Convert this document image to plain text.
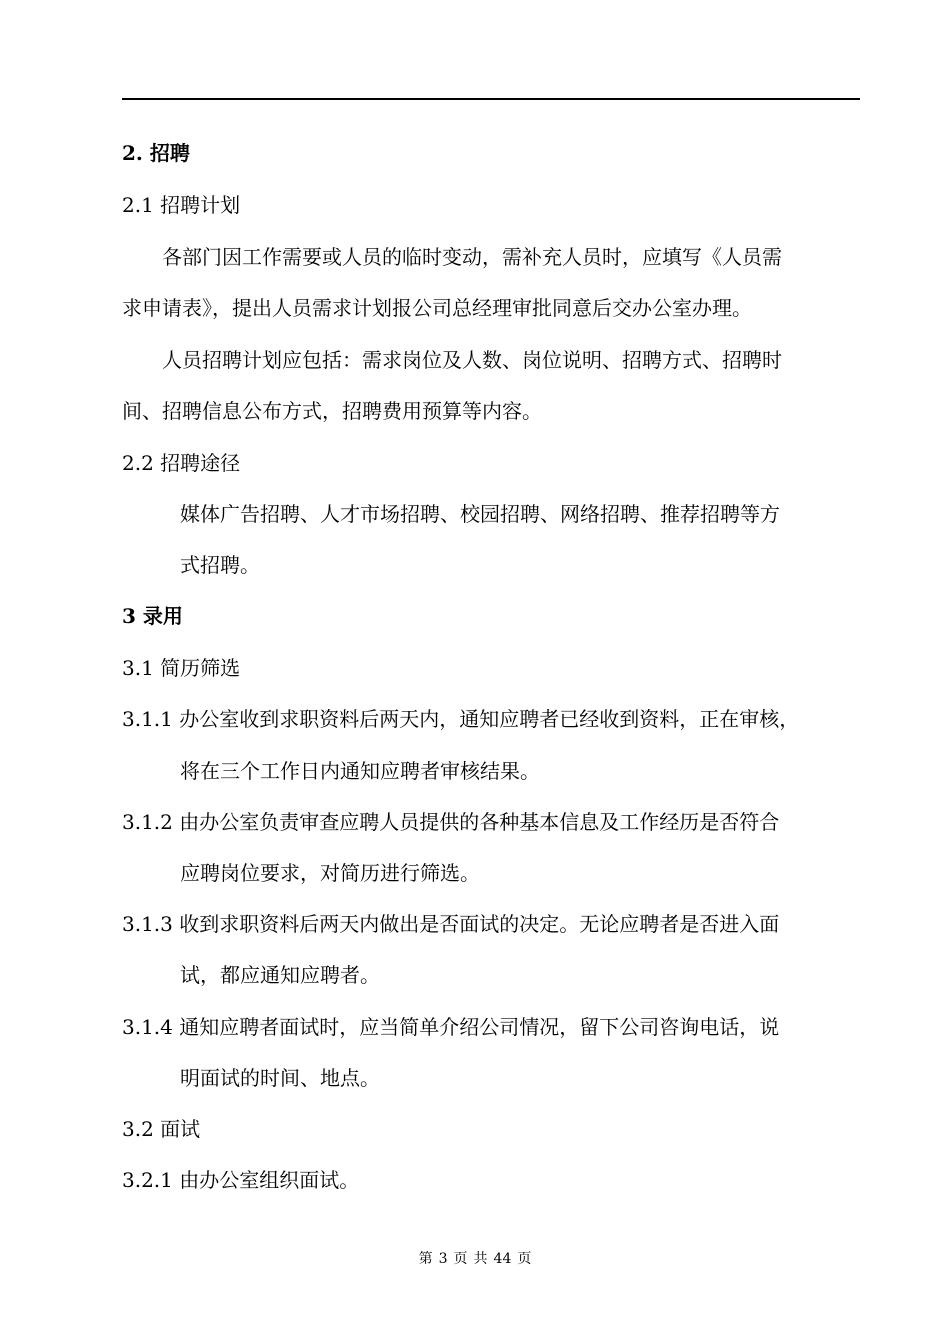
2. 招聘
2.1 招聘计划
各部门因工作需要或人员的临时变动，需补充人员时，应填写《人员需
求申请表》，提出人员需求计划报公司总经理审批同意后交办公室办理。
人员招聘计划应包括：需求岗位及人数、岗位说明、招聘方式、招聘时
间、招聘信息公布方式，招聘费用预算等内容。
2.2 招聘途径
媒体广告招聘、人才市场招聘、校园招聘、网络招聘、推荐招聘等方
式招聘。
3 录用
3.1 简历筛选
3.1.1 办公室收到求职资料后两天内，通知应聘者已经收到资料，正在审核，
将在三个工作日内通知应聘者审核结果。
3.1.2 由办公室负责审查应聘人员提供的各种基本信息及工作经历是否符合
应聘岗位要求，对简历进行筛选。
3.1.3 收到求职资料后两天内做出是否面试的决定。无论应聘者是否进入面
试，都应通知应聘者。
3.1.4 通知应聘者面试时，应当简单介绍公司情况，留下公司咨询电话，说
明面试的时间、地点。
3.2 面试
3.2.1 由办公室组织面试。
第 3 页 共 44 页
